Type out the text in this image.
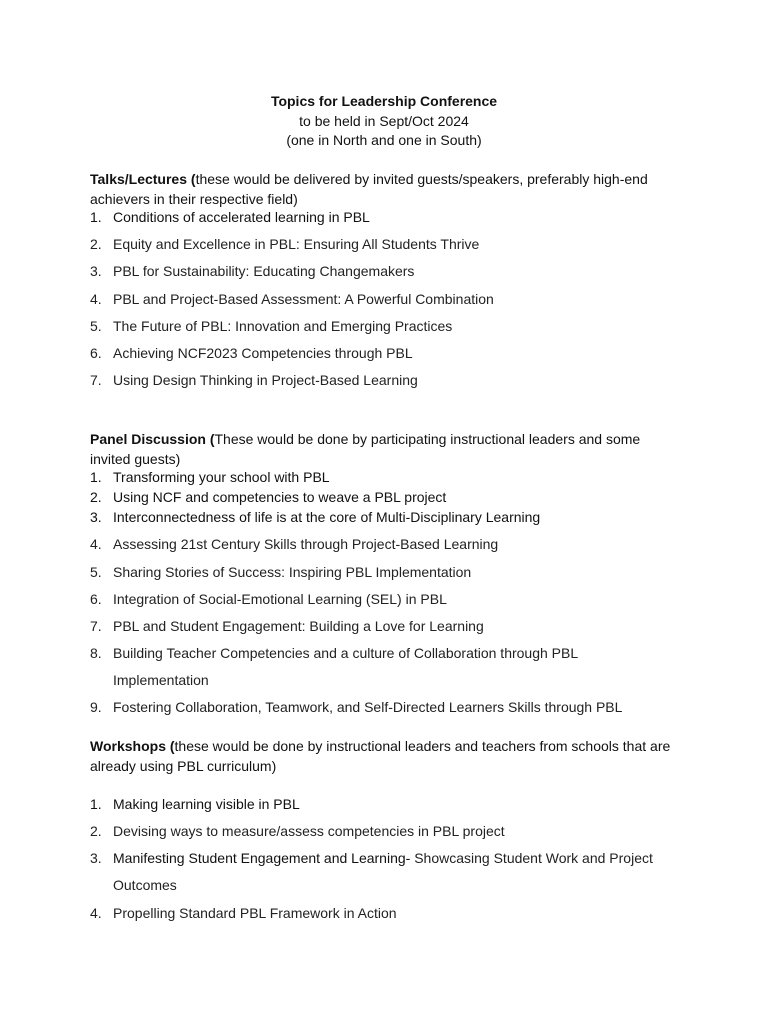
Topics for Leadership Conference
to be held in Sept/Oct 2024
(one in North and one in South)
Talks/Lectures (these would be delivered by invited guests/speakers, preferably high-end
achievers in their respective field)
1. Conditions of accelerated learning in PBL
2. Equity and Excellence in PBL: Ensuring All Students Thrive
3. PBL for Sustainability: Educating Changemakers
4. PBL and Project-Based Assessment: A Powerful Combination
5. The Future of PBL: Innovation and Emerging Practices
6. Achieving NCF2023 Competencies through PBL
7. Using Design Thinking in Project-Based Learning
Panel Discussion (These would be done by participating instructional leaders and some
invited guests)
1. Transforming your school with PBL
2. Using NCF and competencies to weave a PBL project
3. Interconnectedness of life is at the core of Multi-Disciplinary Learning
4. Assessing 21st Century Skills through Project-Based Learning
5. Sharing Stories of Success: Inspiring PBL Implementation
6. Integration of Social-Emotional Learning (SEL) in PBL
7. PBL and Student Engagement: Building a Love for Learning
8. Building Teacher Competencies and a culture of Collaboration through PBL
Implementation
9. Fostering Collaboration, Teamwork, and Self-Directed Learners Skills through PBL
Workshops (these would be done by instructional leaders and teachers from schools that are
already using PBL curriculum)
1. Making learning visible in PBL
2. Devising ways to measure/assess competencies in PBL project
3. Manifesting Student Engagement and Learning- Showcasing Student Work and Project
Outcomes
4. Propelling Standard PBL Framework in Action
